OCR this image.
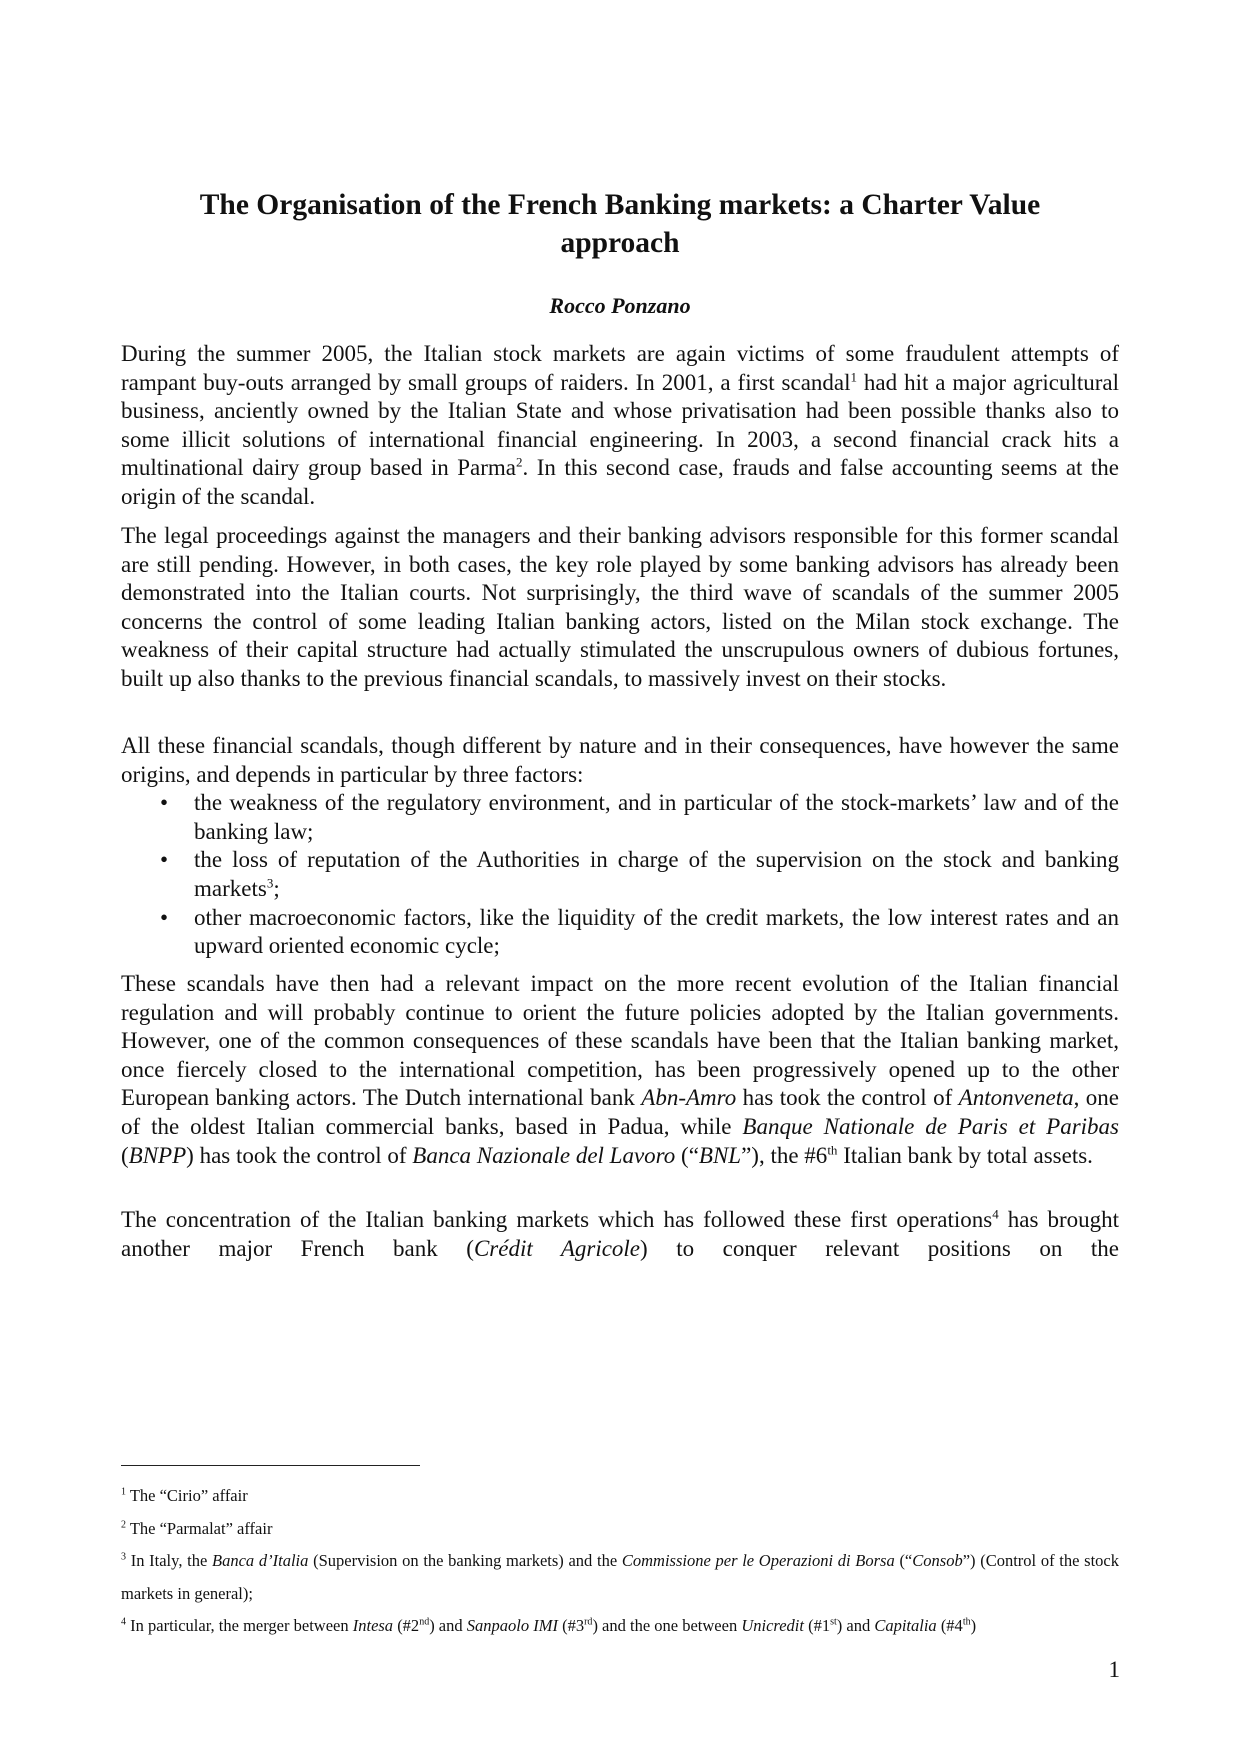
The Organisation of the French Banking markets: a Charter Value
approach

Rocco Ponzano

During the summer 2005, the Italian stock markets are again victims of some fraudulent attempts of rampant buy-outs arranged by small groups of raiders. In 2001, a first scandal$^1$ had hit a major agricultural business, anciently owned by the Italian State and whose privatisation had been possible thanks also to some illicit solutions of international financial engineering. In 2003, a second financial crack hits a multinational dairy group based in Parma$^2$. In this second case, frauds and false accounting seems at the origin of the scandal.

The legal proceedings against the managers and their banking advisors responsible for this former scandal are still pending. However, in both cases, the key role played by some banking advisors has already been demonstrated into the Italian courts. Not surprisingly, the third wave of scandals of the summer 2005 concerns the control of some leading Italian banking actors, listed on the Milan stock exchange. The weakness of their capital structure had actually stimulated the unscrupulous owners of dubious fortunes, built up also thanks to the previous financial scandals, to massively invest on their stocks.

All these financial scandals, though different by nature and in their consequences, have however the same origins, and depends in particular by three factors:

• the weakness of the regulatory environment, and in particular of the stock-markets’ law and of the banking law;
• the loss of reputation of the Authorities in charge of the supervision on the stock and banking markets$^3$;
• other macroeconomic factors, like the liquidity of the credit markets, the low interest rates and an upward oriented economic cycle;

These scandals have then had a relevant impact on the more recent evolution of the Italian financial regulation and will probably continue to orient the future policies adopted by the Italian governments. However, one of the common consequences of these scandals have been that the Italian banking market, once fiercely closed to the international competition, has been progressively opened up to the other European banking actors. The Dutch international bank Abn-Amro has took the control of Antonveneta, one of the oldest Italian commercial banks, based in Padua, while Banque Nationale de Paris et Paribas (BNPP) has took the control of Banca Nazionale del Lavoro (“BNL”), the #6th Italian bank by total assets.

The concentration of the Italian banking markets which has followed these first operations$^4$ has brought another major French bank (Crédit Agricole) to conquer relevant positions on the

$^1$ The “Cirio” affair

$^2$ The “Parmalat” affair

$^3$ In Italy, the Banca d’Italia (Supervision on the banking markets) and the Commissione per le Operazioni di Borsa (“Consob”) (Control of the stock markets in general);

$^4$ In particular, the merger between Intesa (#2nd) and Sanpaolo IMI (#3rd) and the one between Unicredit (#1st) and Capitalia (#4th)

1
